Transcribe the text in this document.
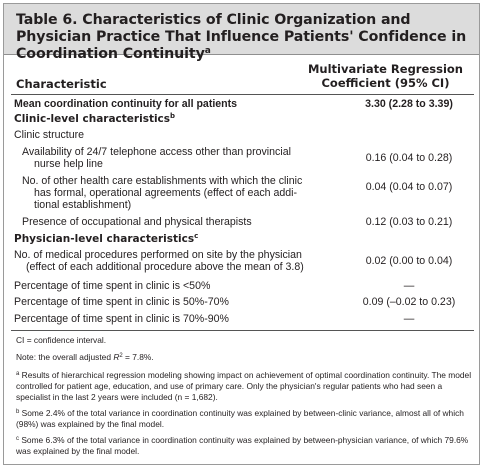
Table 6. Characteristics of Clinic Organization and Physician Practice That Influence Patients' Confidence in Coordination Continuity$^a$
Characteristic
Multivariate Regression
Coefficient (95% CI)
Mean coordination continuity for all patients	3.30 (2.28 to 3.39)
Clinic-level characteristics$^b$
Clinic structure
Availability of 24/7 telephone access other than provincial
nurse help line	0.16 (0.04 to 0.28)
No. of other health care establishments with which the clinic
has formal, operational agreements (effect of each addi-
tional establishment)
0.04 (0.04 to 0.07)
Presence of occupational and physical therapists	0.12 (0.03 to 0.21)
Physician-level characteristics$^c$
No. of medical procedures performed on site by the physician
(effect of each additional procedure above the mean of 3.8)	0.02 (0.00 to 0.04)
Percentage of time spent in clinic is <50%	—
Percentage of time spent in clinic is 50%-70%	0.09 (–0.02 to 0.23)
Percentage of time spent in clinic is 70%-90%	—
CI = confidence interval.
Note: the overall adjusted $R^2 = 7.8\%$.
$^a$ Results of hierarchical regression modeling showing impact on achievement of optimal coordination continuity. The model controlled for patient age, education, and use of primary care. Only the physician's regular patients who had seen a specialist in the last 2 years were included (n = 1,682).
$^b$ Some 2.4% of the total variance in coordination continuity was explained by between-clinic variance, almost all of which (98%) was explained by the final model.
$^c$ Some 6.3% of the total variance in coordination continuity was explained by between-physician variance, of which 79.6% was explained by the final model.
